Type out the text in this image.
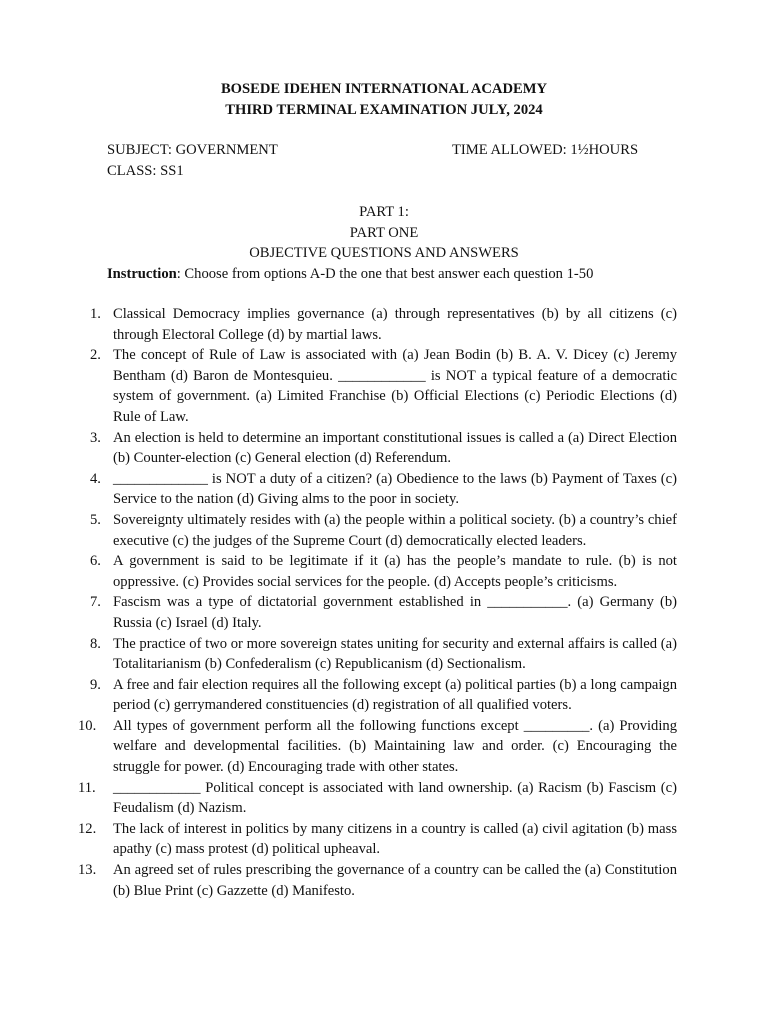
BOSEDE IDEHEN INTERNATIONAL ACADEMY
THIRD TERMINAL EXAMINATION JULY, 2024
SUBJECT: GOVERNMENT
CLASS: SS1
TIME ALLOWED: 1½HOURS
PART 1:
PART ONE
OBJECTIVE QUESTIONS AND ANSWERS
Instruction: Choose from options A-D the one that best answer each question 1-50
1. Classical Democracy implies governance (a) through representatives (b) by all citizens (c) through Electoral College (d) by martial laws.
2. The concept of Rule of Law is associated with (a) Jean Bodin (b) B. A. V. Dicey (c) Jeremy Bentham (d) Baron de Montesquieu. ____________ is NOT a typical feature of a democratic system of government. (a) Limited Franchise (b) Official Elections (c) Periodic Elections (d) Rule of Law.
3. An election is held to determine an important constitutional issues is called a (a) Direct Election (b) Counter-election (c) General election (d) Referendum.
4. _____________ is NOT a duty of a citizen? (a) Obedience to the laws (b) Payment of Taxes (c) Service to the nation (d) Giving alms to the poor in society.
5. Sovereignty ultimately resides with (a) the people within a political society. (b) a country’s chief executive (c) the judges of the Supreme Court (d) democratically elected leaders.
6. A government is said to be legitimate if it (a) has the people’s mandate to rule. (b) is not oppressive. (c) Provides social services for the people. (d) Accepts people’s criticisms.
7. Fascism was a type of dictatorial government established in ___________. (a) Germany (b) Russia (c) Israel (d) Italy.
8. The practice of two or more sovereign states uniting for security and external affairs is called (a) Totalitarianism (b) Confederalism (c) Republicanism (d) Sectionalism.
9. A free and fair election requires all the following except (a) political parties (b) a long campaign period (c) gerrymandered constituencies (d) registration of all qualified voters.
10.	All types of government perform all the following functions except _________. (a) Providing welfare and developmental facilities. (b) Maintaining law and order. (c) Encouraging the struggle for power. (d) Encouraging trade with other states.
11.	____________ Political concept is associated with land ownership. (a) Racism (b) Fascism (c) Feudalism (d) Nazism.
12.	The lack of interest in politics by many citizens in a country is called (a) civil agitation (b) mass apathy (c) mass protest (d) political upheaval.
13.	An agreed set of rules prescribing the governance of a country can be called the (a) Constitution (b) Blue Print (c) Gazzette (d) Manifesto.
